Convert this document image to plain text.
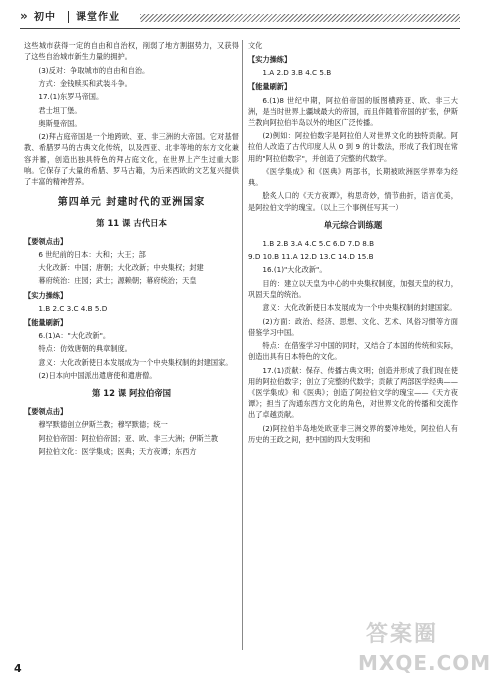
» 初中 课堂作业

这些城市获得一定的自由和自治权，削弱了地方割据势力，又获得了这些自治城市新生力量的拥护。

(3)反对：争取城市的自由和自治。

方式：金钱赎买和武装斗争。

17.(1)东罗马帝国。

君士坦丁堡。

奥斯曼帝国。

(2)拜占庭帝国是一个地跨欧、亚、非三洲的大帝国。它对基督教、希腊罗马的古典文化传统，以及西亚、北非等地的东方文化兼容并蓄，创造出独具特色的拜占庭文化，在世界上产生过重大影响。它保存了大量的希腊、罗马古籍，为后来西欧的文艺复兴提供了丰富的精神营养。

第四单元 封建时代的亚洲国家
第 11 课 古代日本
【要领点击】

6 世纪前的日本：大和；大王；部

大化改新：中国；唐朝；大化改新；中央集权；封建

幕府统治：庄园；武士；源赖朝；幕府统治；天皇

【实力操练】

1.B 2.C 3.C 4.B 5.D

【能量刷新】

6.(1)A："大化改新"。

特点：仿效唐朝的典章制度。

意义：大化改新使日本发展成为一个中央集权制的封建国家。

(2)日本向中国派出遣唐使和遣唐僧。

第 12 课 阿拉伯帝国
【要领点击】

穆罕默德创立伊斯兰教；穆罕默德；统一

阿拉伯帝国：阿拉伯帝国；亚、欧、非三大洲；伊斯兰教

阿拉伯文化：医学集成；医典；天方夜谭；东西方

文化

【实力操练】

1.A 2.D 3.B 4.C 5.B

【能量刷新】

6.(1)8 世纪中期，阿拉伯帝国的版图横跨亚、欧、非三大洲，是当时世界上疆域最大的帝国，而且伴随着帝国的扩张，伊斯兰教向阿拉伯半岛以外的地区广泛传播。

(2)例如：阿拉伯数字是阿拉伯人对世界文化的独特贡献。阿拉伯人改造了古代印度人从 0 到 9 的计数法，形成了我们现在常用的"阿拉伯数字"，并创造了完整的代数学。

《医学集成》和《医典》两部书，长期被欧洲医学界奉为经典。

脍炙人口的《天方夜谭》，构思奇妙，情节曲折，语言优美，是阿拉伯文学的瑰宝。（以上三个事例任写其一）

单元综合训练题

1.B 2.B 3.A 4.C 5.C 6.D 7.D 8.B

9.D 10.B 11.A 12.D 13.C 14.D 15.B

16.(1)"大化改新"。

目的：建立以天皇为中心的中央集权制度，加强天皇的权力，巩固天皇的统治。

意义：大化改新使日本发展成为一个中央集权制的封建国家。

(2)方面：政治、经济、思想、文化、艺术、风俗习惯等方面借鉴学习中国。

特点：在借鉴学习中国的同时，又结合了本国的传统和实际，创造出具有日本特色的文化。

17.(1)贡献：保存、传播古典文明；创造并形成了我们现在使用的阿拉伯数字；创立了完整的代数学；贡献了两部医学经典——《医学集成》和《医典》；创造了阿拉伯文学的瑰宝——《天方夜谭》；担当了沟通东西方文化的角色，对世界文化的传播和交流作出了卓越贡献。

(2)阿拉伯半岛地处欧亚非三洲交界的要冲地处，阿拉伯人有历史的王政之间，把中国的四大发明和

4
答案圈
MXQE.COM
